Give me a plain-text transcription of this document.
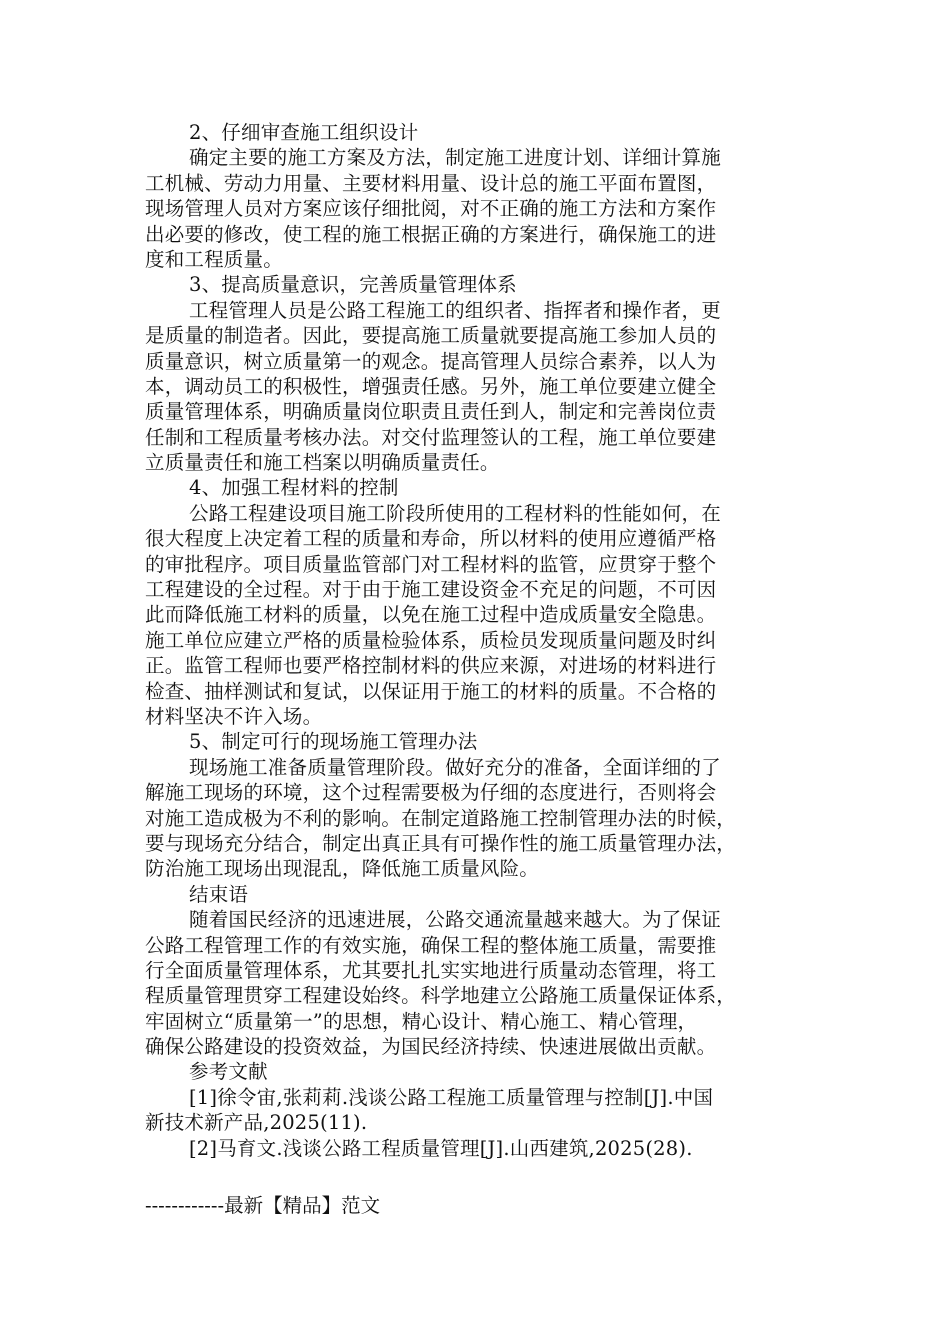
2、仔细审查施工组织设计
确定主要的施工方案及方法，制定施工进度计划、详细计算施
工机械、劳动力用量、主要材料用量、设计总的施工平面布置图，
现场管理人员对方案应该仔细批阅，对不正确的施工方法和方案作
出必要的修改，使工程的施工根据正确的方案进行，确保施工的进
度和工程质量。
3、提高质量意识，完善质量管理体系
工程管理人员是公路工程施工的组织者、指挥者和操作者，更
是质量的制造者。因此，要提高施工质量就要提高施工参加人员的
质量意识，树立质量第一的观念。提高管理人员综合素养，以人为
本，调动员工的积极性，增强责任感。另外，施工单位要建立健全
质量管理体系，明确质量岗位职责且责任到人，制定和完善岗位责
任制和工程质量考核办法。对交付监理签认的工程，施工单位要建
立质量责任和施工档案以明确质量责任。
4、加强工程材料的控制
公路工程建设项目施工阶段所使用的工程材料的性能如何，在
很大程度上决定着工程的质量和寿命，所以材料的使用应遵循严格
的审批程序。项目质量监管部门对工程材料的监管，应贯穿于整个
工程建设的全过程。对于由于施工建设资金不充足的问题，不可因
此而降低施工材料的质量，以免在施工过程中造成质量安全隐患。
施工单位应建立严格的质量检验体系，质检员发现质量问题及时纠
正。监管工程师也要严格控制材料的供应来源，对进场的材料进行
检查、抽样测试和复试，以保证用于施工的材料的质量。不合格的
材料坚决不许入场。
5、制定可行的现场施工管理办法
现场施工准备质量管理阶段。做好充分的准备，全面详细的了
解施工现场的环境，这个过程需要极为仔细的态度进行，否则将会
对施工造成极为不利的影响。在制定道路施工控制管理办法的时候，
要与现场充分结合，制定出真正具有可操作性的施工质量管理办法，
防治施工现场出现混乱，降低施工质量风险。
结束语
随着国民经济的迅速进展，公路交通流量越来越大。为了保证
公路工程管理工作的有效实施，确保工程的整体施工质量，需要推
行全面质量管理体系，尤其要扎扎实实地进行质量动态管理，将工
程质量管理贯穿工程建设始终。科学地建立公路施工质量保证体系，
牢固树立“质量第一”的思想，精心设计、精心施工、精心管理，
确保公路建设的投资效益，为国民经济持续、快速进展做出贡献。
参考文献
[1]徐令宙,张莉莉.浅谈公路工程施工质量管理与控制[J].中国
新技术新产品,2025(11).
[2]马育文.浅谈公路工程质量管理[J].山西建筑,2025(28).
------------最新【精品】范文
